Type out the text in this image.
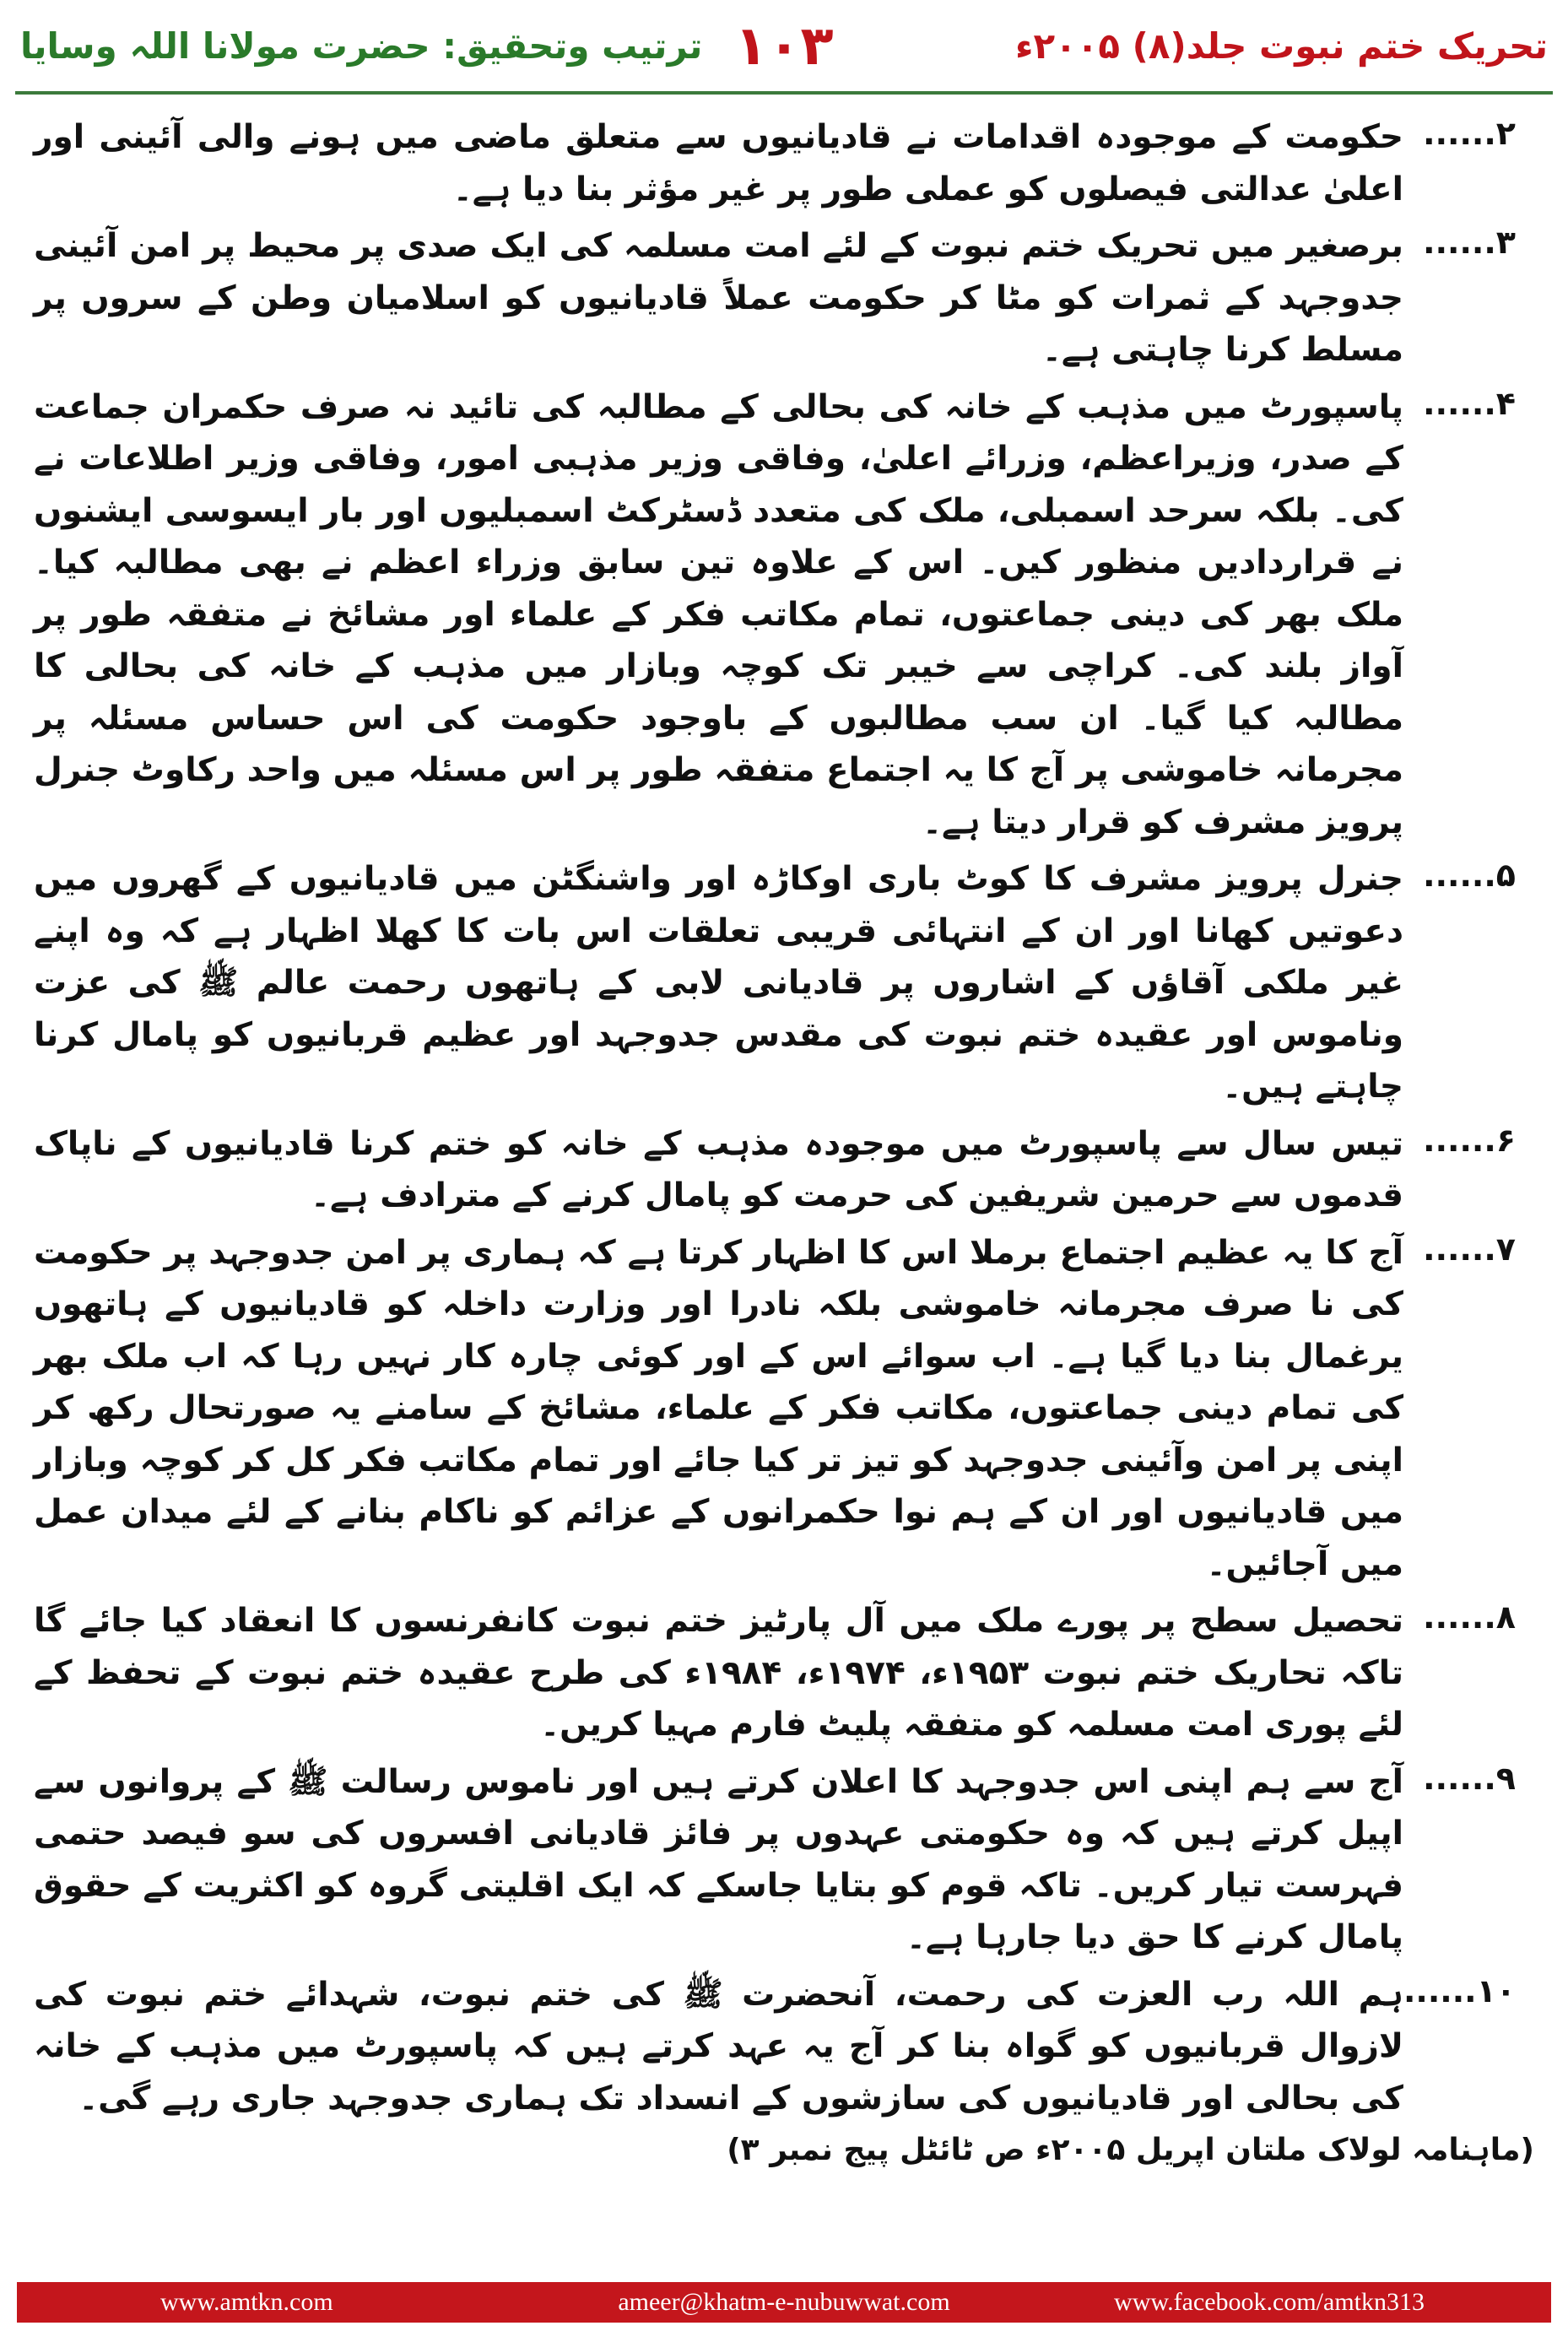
ترتیب وتحقیق: حضرت مولانا اللہ وسایا ۱۰۳	تحریک ختم نبوت جلد(۸) ۲۰۰۵ء
۲......
حکومت کے موجودہ اقدامات نے قادیانیوں سے متعلق ماضی میں ہونے والی آئینی اور اعلیٰ عدالتی فیصلوں کو عملی طور پر غیر مؤثر بنا دیا ہے۔
۳......
برصغیر میں تحریک ختم نبوت کے لئے امت مسلمہ کی ایک صدی پر محیط پر امن آئینی جدوجہد کے ثمرات کو مٹا کر حکومت عملاً قادیانیوں کو اسلامیان وطن کے سروں پر مسلط کرنا چاہتی ہے۔
۴......
پاسپورٹ میں مذہب کے خانہ کی بحالی کے مطالبہ کی تائید نہ صرف حکمران جماعت کے صدر، وزیراعظم، وزرائے اعلیٰ، وفاقی وزیر مذہبی امور، وفاقی وزیر اطلاعات نے کی۔ بلکہ سرحد اسمبلی، ملک کی متعدد ڈسٹرکٹ اسمبلیوں اور بار ایسوسی ایشنوں نے قراردادیں منظور کیں۔ اس کے علاوہ تین سابق وزراء اعظم نے بھی مطالبہ کیا۔ ملک بھر کی دینی جماعتوں، تمام مکاتب فکر کے علماء اور مشائخ نے متفقہ طور پر آواز بلند کی۔ کراچی سے خیبر تک کوچہ وبازار میں مذہب کے خانہ کی بحالی کا مطالبہ کیا گیا۔ ان سب مطالبوں کے باوجود حکومت کی اس حساس مسئلہ پر مجرمانہ خاموشی پر آج کا یہ اجتماع متفقہ طور پر اس مسئلہ میں واحد رکاوٹ جنرل پرویز مشرف کو قرار دیتا ہے۔
۵......
جنرل پرویز مشرف کا کوٹ باری اوکاڑہ اور واشنگٹن میں قادیانیوں کے گھروں میں دعوتیں کھانا اور ان کے انتہائی قریبی تعلقات اس بات کا کھلا اظہار ہے کہ وہ اپنے غیر ملکی آقاؤں کے اشاروں پر قادیانی لابی کے ہاتھوں رحمت عالم ﷺ کی عزت وناموس اور عقیدہ ختم نبوت کی مقدس جدوجہد اور عظیم قربانیوں کو پامال کرنا چاہتے ہیں۔
۶......
تیس سال سے پاسپورٹ میں موجودہ مذہب کے خانہ کو ختم کرنا قادیانیوں کے ناپاک قدموں سے حرمین شریفین کی حرمت کو پامال کرنے کے مترادف ہے۔
۷......
آج کا یہ عظیم اجتماع برملا اس کا اظہار کرتا ہے کہ ہماری پر امن جدوجہد پر حکومت کی نا صرف مجرمانہ خاموشی بلکہ نادرا اور وزارت داخلہ کو قادیانیوں کے ہاتھوں یرغمال بنا دیا گیا ہے۔ اب سوائے اس کے اور کوئی چارہ کار نہیں رہا کہ اب ملک بھر کی تمام دینی جماعتوں، مکاتب فکر کے علماء، مشائخ کے سامنے یہ صورتحال رکھ کر اپنی پر امن وآئینی جدوجہد کو تیز تر کیا جائے اور تمام مکاتب فکر کل کر کوچہ وبازار میں قادیانیوں اور ان کے ہم نوا حکمرانوں کے عزائم کو ناکام بنانے کے لئے میدان عمل میں آجائیں۔
۸......
تحصیل سطح پر پورے ملک میں آل پارٹیز ختم نبوت کانفرنسوں کا انعقاد کیا جائے گا تاکہ تحاریک ختم نبوت ۱۹۵۳ء، ۱۹۷۴ء، ۱۹۸۴ء کی طرح عقیدہ ختم نبوت کے تحفظ کے لئے پوری امت مسلمہ کو متفقہ پلیٹ فارم مہیا کریں۔
۹......
آج سے ہم اپنی اس جدوجہد کا اعلان کرتے ہیں اور ناموس رسالت ﷺ کے پروانوں سے اپیل کرتے ہیں کہ وہ حکومتی عہدوں پر فائز قادیانی افسروں کی سو فیصد حتمی فہرست تیار کریں۔ تاکہ قوم کو بتایا جاسکے کہ ایک اقلیتی گروہ کو اکثریت کے حقوق پامال کرنے کا حق دیا جارہا ہے۔
۱۰......
ہم اللہ رب العزت کی رحمت، آنحضرت ﷺ کی ختم نبوت، شہدائے ختم نبوت کی لازوال قربانیوں کو گواہ بنا کر آج یہ عہد کرتے ہیں کہ پاسپورٹ میں مذہب کے خانہ کی بحالی اور قادیانیوں کی سازشوں کے انسداد تک ہماری جدوجہد جاری رہے گی۔
(ماہنامہ لولاک ملتان اپریل ۲۰۰۵ء ص ٹائٹل پیج نمبر ۳)
www.amtkn.com	ameer@khatm-e-nubuwwat.com	www.facebook.com/amtkn313
